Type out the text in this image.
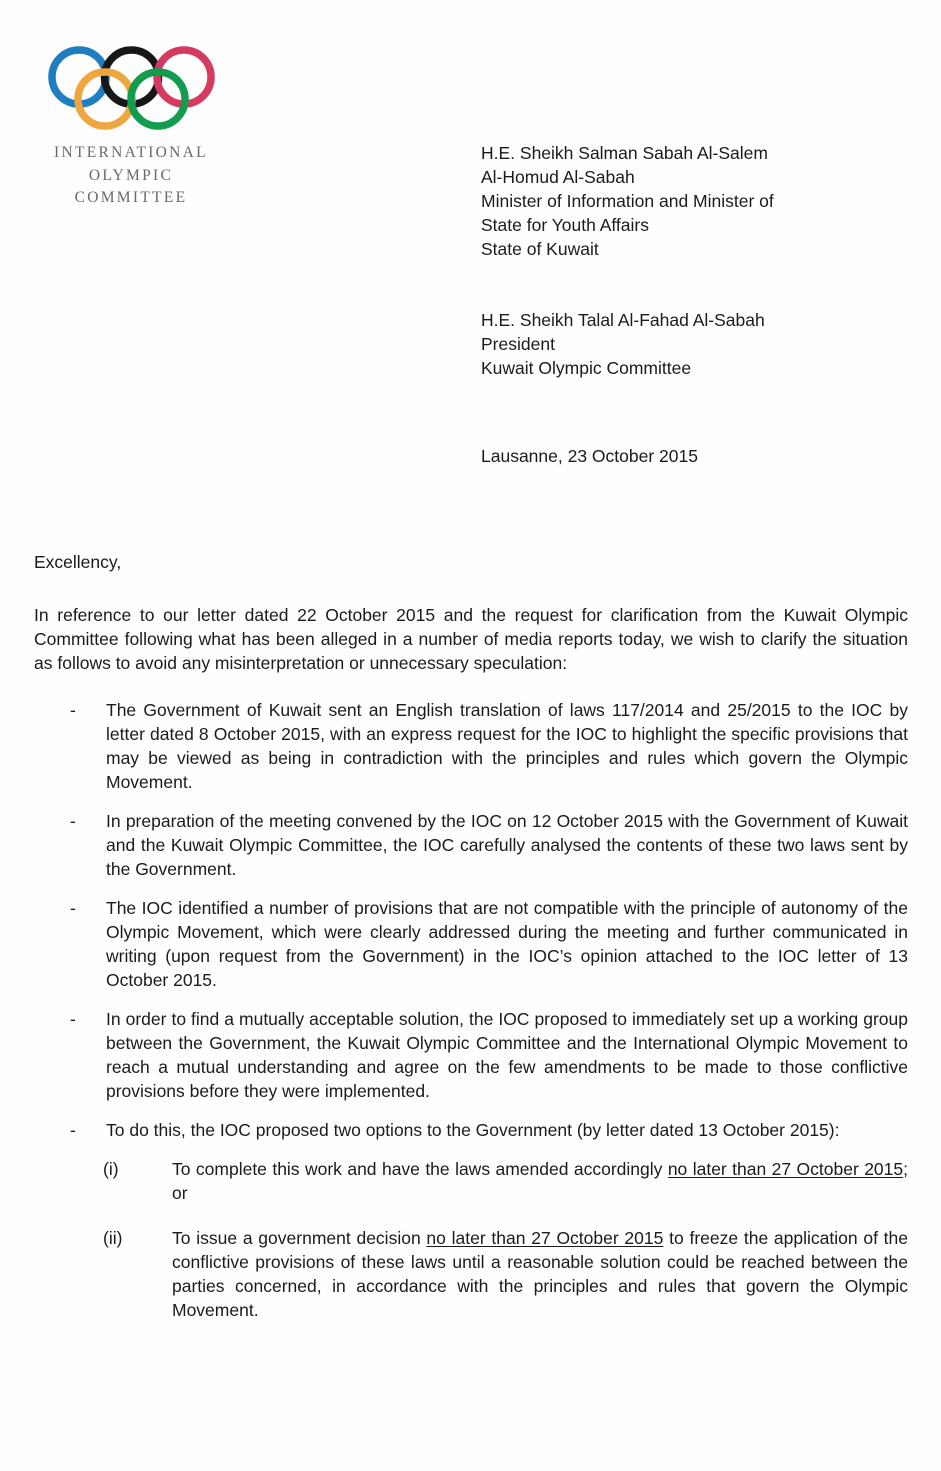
INTERNATIONAL
OLYMPIC
COMMITTEE
H.E. Sheikh Salman Sabah Al-Salem
Al-Homud Al-Sabah
Minister of Information and Minister of
State for Youth Affairs
State of Kuwait
H.E. Sheikh Talal Al-Fahad Al-Sabah
President
Kuwait Olympic Committee
Lausanne, 23 October 2015

Excellency,

In reference to our letter dated 22 October 2015 and the request for clarification from the Kuwait Olympic Committee following what has been alleged in a number of media reports today, we wish to clarify the situation as follows to avoid any misinterpretation or unnecessary speculation:

-	The Government of Kuwait sent an English translation of laws 117/2014 and 25/2015 to the IOC by letter dated 8 October 2015, with an express request for the IOC to highlight the specific provisions that may be viewed as being in contradiction with the principles and rules which govern the Olympic Movement.
-	In preparation of the meeting convened by the IOC on 12 October 2015 with the Government of Kuwait and the Kuwait Olympic Committee, the IOC carefully analysed the contents of these two laws sent by the Government.
-	The IOC identified a number of provisions that are not compatible with the principle of autonomy of the Olympic Movement, which were clearly addressed during the meeting and further communicated in writing (upon request from the Government) in the IOC’s opinion attached to the IOC letter of 13 October 2015.
-	In order to find a mutually acceptable solution, the IOC proposed to immediately set up a working group between the Government, the Kuwait Olympic Committee and the International Olympic Movement to reach a mutual understanding and agree on the few amendments to be made to those conflictive provisions before they were implemented.
-	To do this, the IOC proposed two options to the Government (by letter dated 13 October 2015):
(i)	To complete this work and have the laws amended accordingly no later than 27 October 2015; or
(ii)	To issue a government decision no later than 27 October 2015 to freeze the application of the conflictive provisions of these laws until a reasonable solution could be reached between the parties concerned, in accordance with the principles and rules that govern the Olympic Movement.
